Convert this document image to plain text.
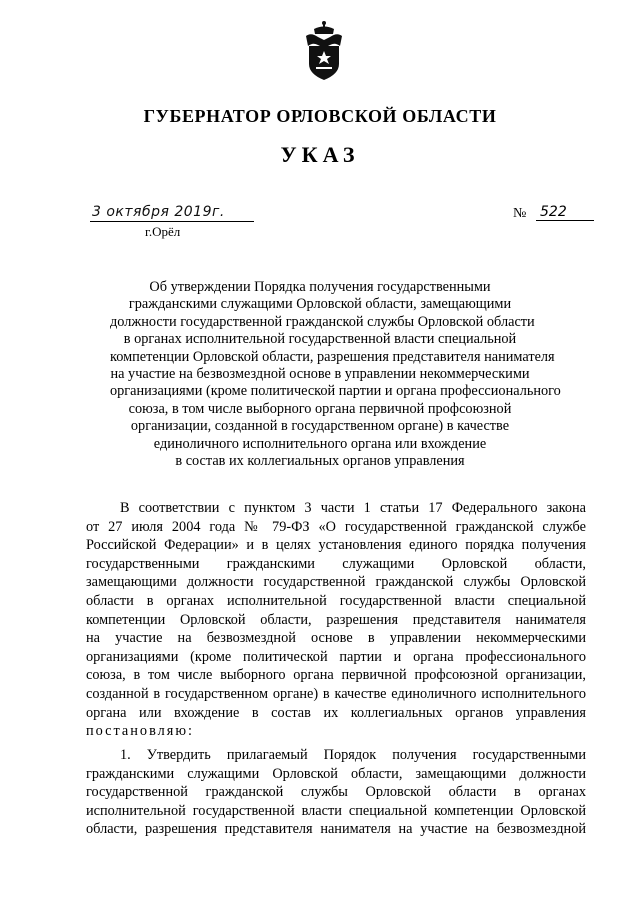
ГУБЕРНАТОР ОРЛОВСКОЙ ОБЛАСТИ
УКАЗ
3 октября 2019г.
г.Орёл
№ 522
Об утверждении Порядка получения государственными
гражданскими служащими Орловской области, замещающими
должности государственной гражданской службы Орловской области
в органах исполнительной государственной власти специальной
компетенции Орловской области, разрешения представителя нанимателя
на участие на безвозмездной основе в управлении некоммерческими
организациями (кроме политической партии и органа профессионального
союза, в том числе выборного органа первичной профсоюзной
организации, созданной в государственном органе) в качестве
единоличного исполнительного органа или вхождение
в состав их коллегиальных органов управления
В соответствии с пунктом 3 части 1 статьи 17 Федерального закона
от 27 июля 2004 года № 79-ФЗ «О государственной гражданской службе
Российской Федерации» и в целях установления единого порядка получения
государственными гражданскими служащими Орловской области,
замещающими должности государственной гражданской службы Орловской
области в органах исполнительной государственной власти специальной
компетенции Орловской области, разрешения представителя нанимателя
на участие на безвозмездной основе в управлении некоммерческими
организациями (кроме политической партии и органа профессионального
союза, в том числе выборного органа первичной профсоюзной организации,
созданной в государственном органе) в качестве единоличного исполнительного
органа или вхождение в состав их коллегиальных органов управления
постановляю:
1. Утвердить прилагаемый Порядок получения государственными
гражданскими служащими Орловской области, замещающими должности
государственной гражданской службы Орловской области в органах
исполнительной государственной власти специальной компетенции Орловской
области, разрешения представителя нанимателя на участие на безвозмездной
